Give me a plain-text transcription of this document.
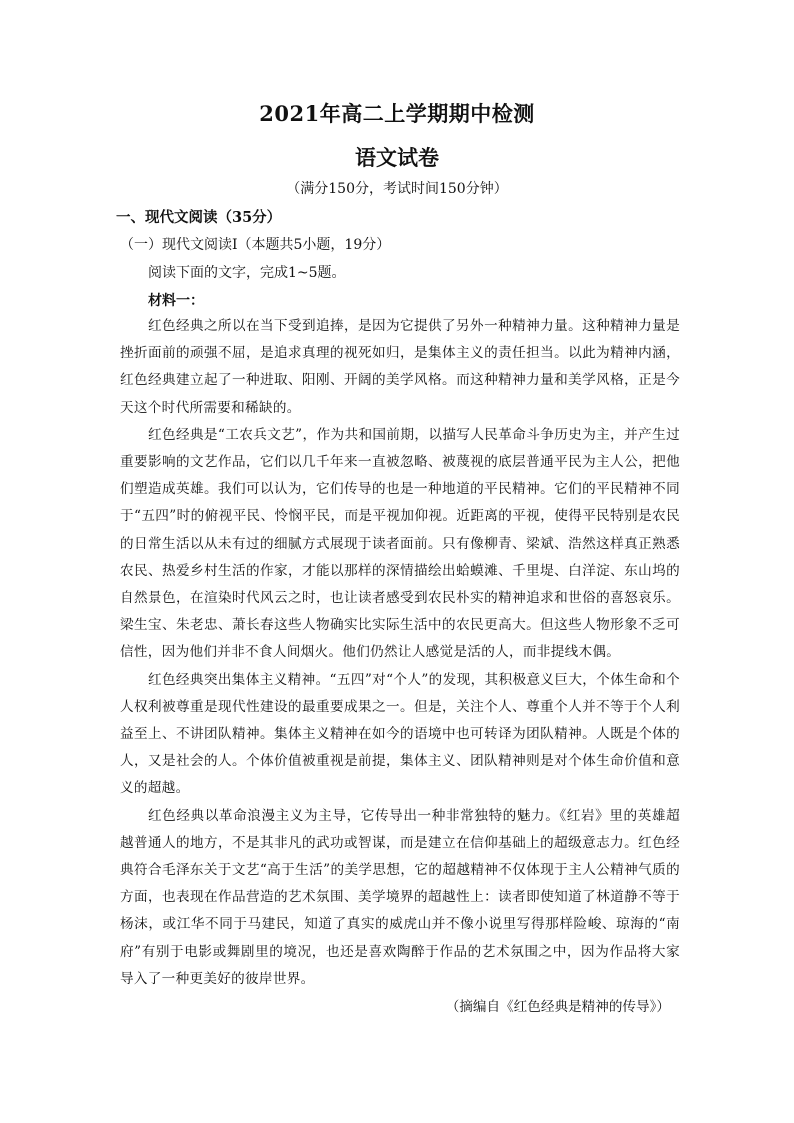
2021年高二上学期期中检测
语文试卷
（满分150分，考试时间150分钟）
一、现代文阅读（35分）
（一）现代文阅读Ⅰ（本题共5小题，19分）
阅读下面的文字，完成1~5题。
材料一：

红色经典之所以在当下受到追捧，是因为它提供了另外一种精神力量。这种精神力量是挫折面前的顽强不屈，是追求真理的视死如归，是集体主义的责任担当。以此为精神内涵，红色经典建立起了一种进取、阳刚、开阔的美学风格。而这种精神力量和美学风格，正是今天这个时代所需要和稀缺的。

红色经典是“工农兵文艺”，作为共和国前期，以描写人民革命斗争历史为主，并产生过重要影响的文艺作品，它们以几千年来一直被忽略、被蔑视的底层普通平民为主人公，把他们塑造成英雄。我们可以认为，它们传导的也是一种地道的平民精神。它们的平民精神不同于“五四”时的俯视平民、怜悯平民，而是平视加仰视。近距离的平视，使得平民特别是农民的日常生活以从未有过的细腻方式展现于读者面前。只有像柳青、梁斌、浩然这样真正熟悉农民、热爱乡村生活的作家，才能以那样的深情描绘出蛤蟆滩、千里堤、白洋淀、东山坞的自然景色，在渲染时代风云之时，也让读者感受到农民朴实的精神追求和世俗的喜怒哀乐。梁生宝、朱老忠、萧长春这些人物确实比实际生活中的农民更高大。但这些人物形象不乏可信性，因为他们并非不食人间烟火。他们仍然让人感觉是活的人，而非提线木偶。

红色经典突出集体主义精神。“五四”对“个人”的发现，其积极意义巨大，个体生命和个人权利被尊重是现代性建设的最重要成果之一。但是，关注个人、尊重个人并不等于个人利益至上、不讲团队精神。集体主义精神在如今的语境中也可转译为团队精神。人既是个体的人，又是社会的人。个体价值被重视是前提，集体主义、团队精神则是对个体生命价值和意义的超越。

红色经典以革命浪漫主义为主导，它传导出一种非常独特的魅力。《红岩》里的英雄超越普通人的地方，不是其非凡的武功或智谋，而是建立在信仰基础上的超级意志力。红色经典符合毛泽东关于文艺“高于生活”的美学思想，它的超越精神不仅体现于主人公精神气质的方面，也表现在作品营造的艺术氛围、美学境界的超越性上：读者即使知道了林道静不等于杨沫，或江华不同于马建民，知道了真实的威虎山并不像小说里写得那样险峻、琼海的“南府”有别于电影或舞剧里的境况，也还是喜欢陶醉于作品的艺术氛围之中，因为作品将大家导入了一种更美好的彼岸世界。

（摘编自《红色经典是精神的传导》）
